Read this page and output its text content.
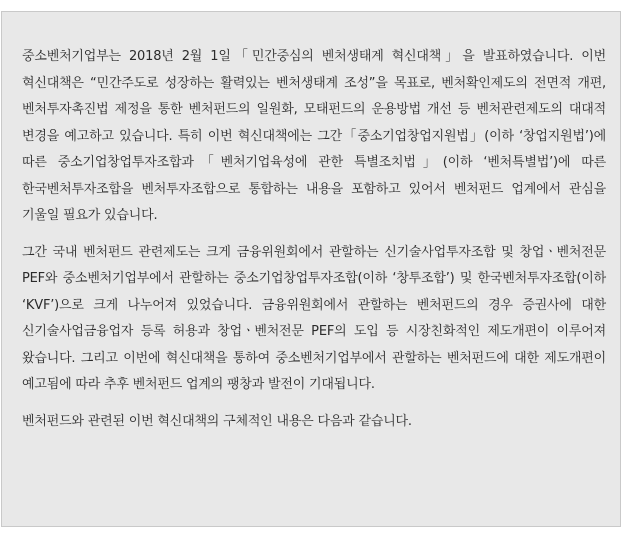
중소벤처기업부는 2018년 2월 1일「민간중심의 벤처생태계 혁신대책」을 발표하였습니다. 이번 혁신대책은 “민간주도로 성장하는 활력있는 벤처생태계 조성”을 목표로, 벤처확인제도의 전면적 개편, 벤처투자촉진법 제정을 통한 벤처펀드의 일원화, 모태펀드의 운용방법 개선 등 벤처관련제도의 대대적 변경을 예고하고 있습니다. 특히 이번 혁신대책에는 그간「중소기업창업지원법」(이하 ‘창업지원법’)에 따른 중소기업창업투자조합과「벤처기업육성에 관한 특별조치법」(이하 ‘벤처특별법’)에 따른 한국벤처투자조합을 벤처투자조합으로 통합하는 내용을 포함하고 있어서 벤처펀드 업계에서 관심을 기울일 필요가 있습니다.

그간 국내 벤처펀드 관련제도는 크게 금융위원회에서 관할하는 신기술사업투자조합 및 창업ㆍ벤처전문 PEF와 중소벤처기업부에서 관할하는 중소기업창업투자조합(이하 ‘창투조합’) 및 한국벤처투자조합(이하 ‘KVF’)으로 크게 나누어져 있었습니다. 금융위원회에서 관할하는 벤처펀드의 경우 증권사에 대한 신기술사업금융업자 등록 허용과 창업ㆍ벤처전문 PEF의 도입 등 시장친화적인 제도개편이 이루어져 왔습니다. 그리고 이번에 혁신대책을 통하여 중소벤처기업부에서 관할하는 벤처펀드에 대한 제도개편이 예고됨에 따라 추후 벤처펀드 업계의 팽창과 발전이 기대됩니다.

벤처펀드와 관련된 이번 혁신대책의 구체적인 내용은 다음과 같습니다.
